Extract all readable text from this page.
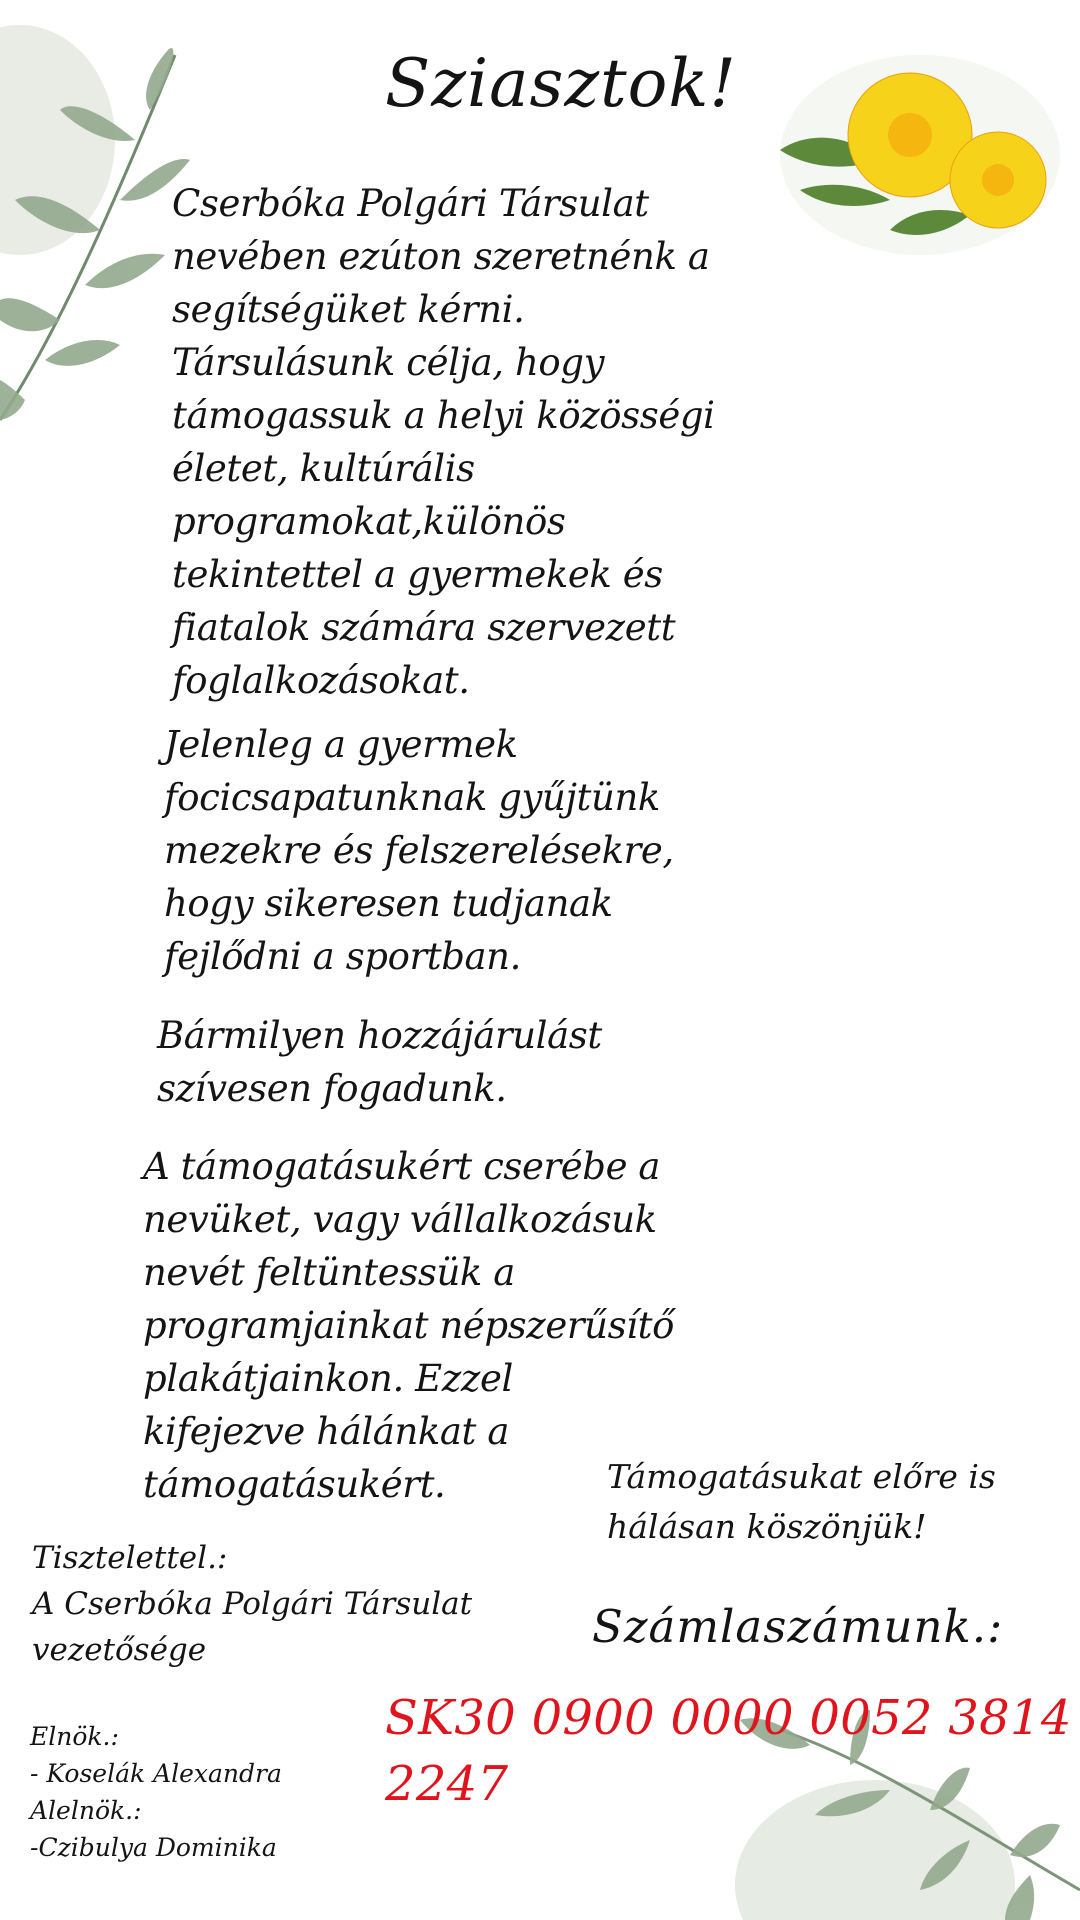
Sziasztok!
Cserbóka Polgári Társulat
nevében ezúton szeretnénk a
segítségüket kérni.
Társulásunk célja, hogy
támogassuk a helyi közösségi
életet, kultúrális
programokat,különös
tekintettel a gyermekek és
fiatalok számára szervezett
foglalkozásokat.
Jelenleg a gyermek
focicsapatunknak gyűjtünk
mezekre és felszerelésekre,
hogy sikeresen tudjanak
fejlődni a sportban.
Bármilyen hozzájárulást
szívesen fogadunk.
A támogatásukért cserébe a
nevüket, vagy vállalkozásuk
nevét feltüntessük a
programjainkat népszerűsítő
plakátjainkon. Ezzel
kifejezve hálánkat a
támogatásukért.	Támogatásukat előre is
hálásan köszönjük!
Tisztelettel.:
A Cserbóka Polgári Társulat
vezetősége	Számlaszámunk.:
SK30 0900 0000 0052 3814
2247
Elnök.:
- Koselák Alexandra
Alelnök.:
-Czibulya Dominika
